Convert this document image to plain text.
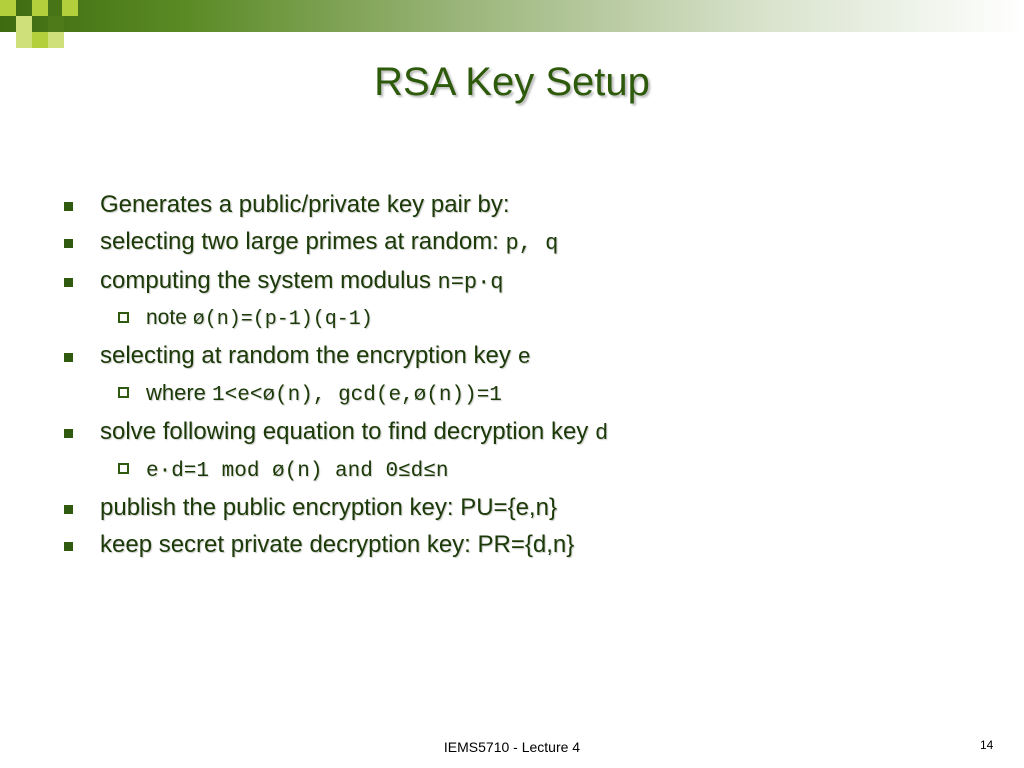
RSA Key Setup
Generates a public/private key pair by:
selecting two large primes at random: p, q
computing the system modulus n=p·q
note ø(n)=(p-1)(q-1)
selecting at random the encryption key e
where 1<e<ø(n), gcd(e,ø(n))=1
solve following equation to find decryption key d
e·d=1 mod ø(n) and 0≤d≤n
publish the public encryption key: PU={e,n}
keep secret private decryption key: PR={d,n}
IEMS5710 - Lecture 4	14
